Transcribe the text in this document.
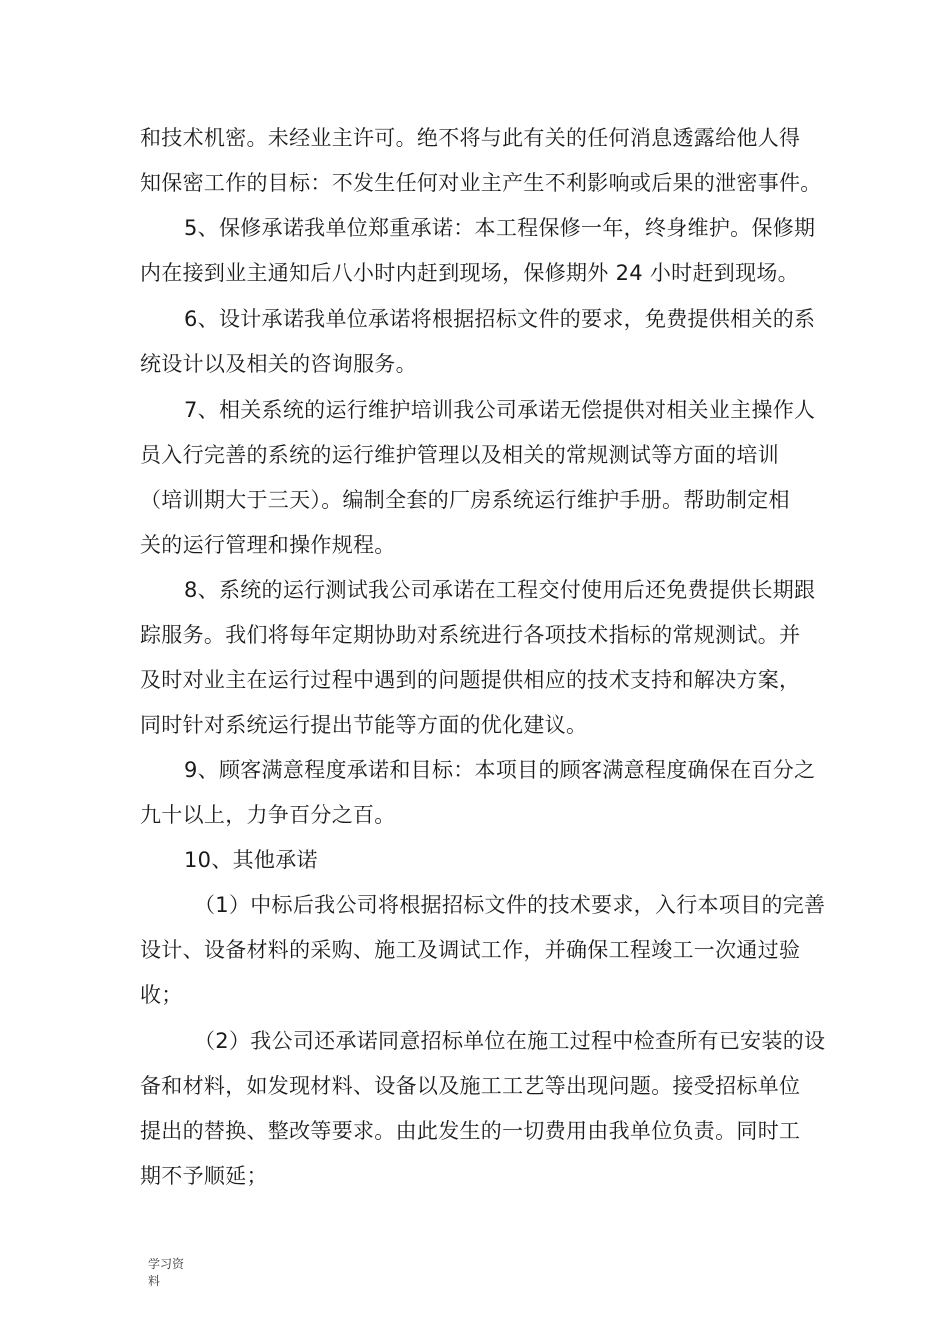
和技术机密。未经业主许可。绝不将与此有关的任何消息透露给他人得
知保密工作的目标：不发生任何对业主产生不利影响或后果的泄密事件。
5、保修承诺我单位郑重承诺：本工程保修一年，终身维护。保修期
内在接到业主通知后八小时内赶到现场，保修期外 24 小时赶到现场。
6、设计承诺我单位承诺将根据招标文件的要求，免费提供相关的系
统设计以及相关的咨询服务。
7、相关系统的运行维护培训我公司承诺无偿提供对相关业主操作人
员入行完善的系统的运行维护管理以及相关的常规测试等方面的培训
（培训期大于三天）。编制全套的厂房系统运行维护手册。帮助制定相
关的运行管理和操作规程。
8、系统的运行测试我公司承诺在工程交付使用后还免费提供长期跟
踪服务。我们将每年定期协助对系统进行各项技术指标的常规测试。并
及时对业主在运行过程中遇到的问题提供相应的技术支持和解决方案，
同时针对系统运行提出节能等方面的优化建议。
9、顾客满意程度承诺和目标：本项目的顾客满意程度确保在百分之
九十以上，力争百分之百。
10、其他承诺
（1）中标后我公司将根据招标文件的技术要求，入行本项目的完善
设计、设备材料的采购、施工及调试工作，并确保工程竣工一次通过验
收；
（2）我公司还承诺同意招标单位在施工过程中检查所有已安装的设
备和材料，如发现材料、设备以及施工工艺等出现问题。接受招标单位
提出的替换、整改等要求。由此发生的一切费用由我单位负责。同时工
期不予顺延；
学习资
料
